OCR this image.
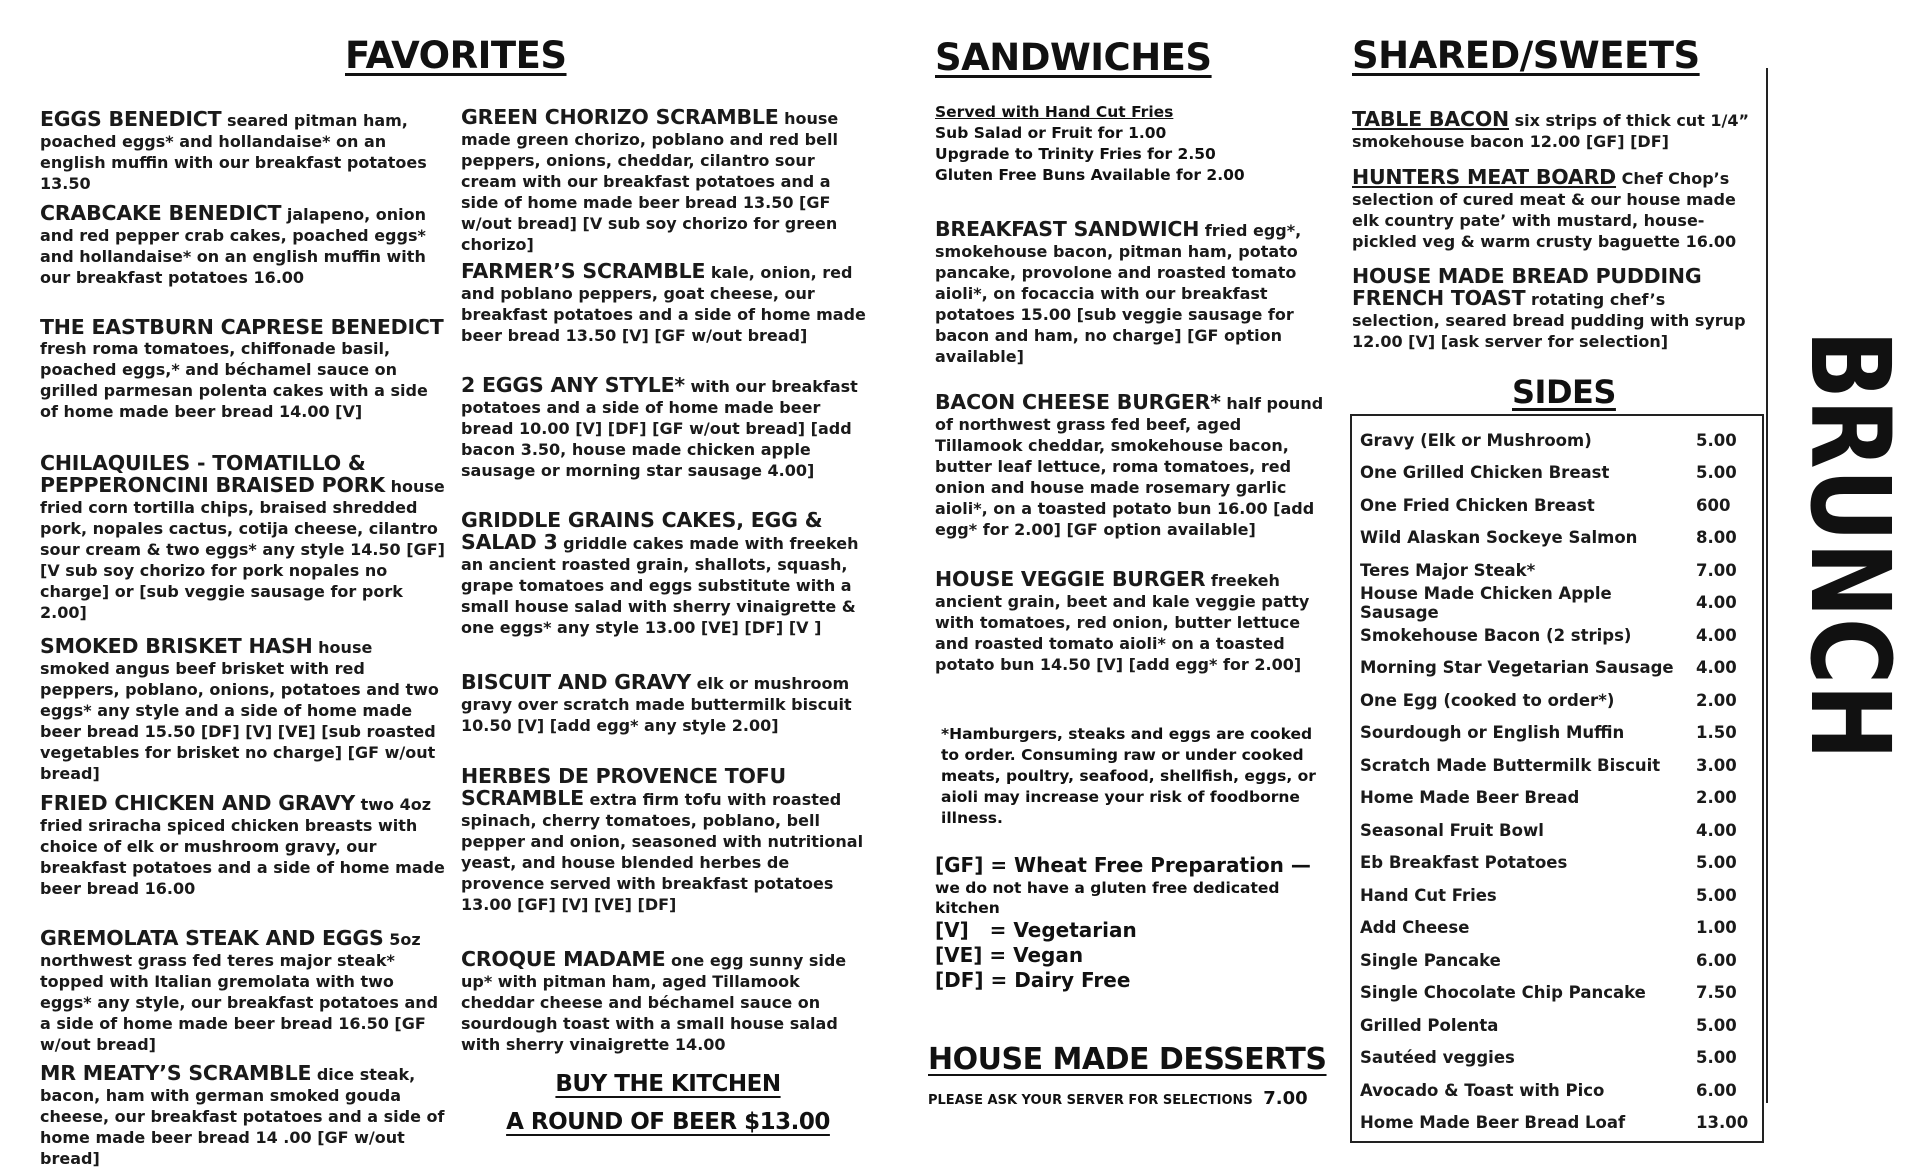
FAVORITES
EGGS BENEDICT seared pitman ham, poached eggs* and hollandaise* on an english muffin with our breakfast potatoes 13.50
CRABCAKE BENEDICT jalapeno, onion and red pepper crab cakes, poached eggs* and hollandaise* on an english muffin with our breakfast potatoes 16.00
THE EASTBURN CAPRESE BENEDICT
fresh roma tomatoes, chiffonade basil, poached eggs,* and béchamel sauce on grilled parmesan polenta cakes with a side of home made beer bread 14.00 [V]
CHILAQUILES - TOMATILLO & PEPPERONCINI BRAISED PORK house fried corn tortilla chips, braised shredded pork, nopales cactus, cotija cheese, cilantro sour cream & two eggs* any style 14.50 [GF] [V sub soy chorizo for pork nopales no charge] or [sub veggie sausage for pork 2.00]
SMOKED BRISKET HASH house smoked angus beef brisket with red peppers, poblano, onions, potatoes and two eggs* any style and a side of home made beer bread 15.50 [DF] [V] [VE] [sub roasted vegetables for brisket no charge] [GF w/out bread]
FRIED CHICKEN AND GRAVY two 4oz fried sriracha spiced chicken breasts with choice of elk or mushroom gravy, our breakfast potatoes and a side of home made beer bread 16.00
GREMOLATA STEAK AND EGGS 5oz northwest grass fed teres major steak* topped with Italian gremolata with two eggs* any style, our breakfast potatoes and a side of home made beer bread 16.50 [GF w/out bread]
MR MEATY’S SCRAMBLE dice steak, bacon, ham with german smoked gouda cheese, our breakfast potatoes and a side of home made beer bread 14 .00 [GF w/out bread]
GREEN CHORIZO SCRAMBLE house made green chorizo, poblano and red bell peppers, onions, cheddar, cilantro sour cream with our breakfast potatoes and a side of home made beer bread 13.50 [GF w/out bread] [V sub soy chorizo for green chorizo]
FARMER’S SCRAMBLE kale, onion, red and poblano peppers, goat cheese, our breakfast potatoes and a side of home made beer bread 13.50 [V] [GF w/out bread]
2 EGGS ANY STYLE* with our breakfast potatoes and a side of home made beer bread 10.00 [V] [DF] [GF w/out bread] [add bacon 3.50, house made chicken apple sausage or morning star sausage 4.00]
GRIDDLE GRAINS CAKES, EGG & SALAD 3 griddle cakes made with freekeh an ancient roasted grain, shallots, squash, grape tomatoes and eggs substitute with a small house salad with sherry vinaigrette & one eggs* any style 13.00 [VE] [DF] [V ]
BISCUIT AND GRAVY elk or mushroom gravy over scratch made buttermilk biscuit 10.50 [V] [add egg* any style 2.00]
HERBES DE PROVENCE TOFU SCRAMBLE extra firm tofu with roasted spinach, cherry tomatoes, poblano, bell pepper and onion, seasoned with nutritional yeast, and house blended herbes de provence served with breakfast potatoes 13.00 [GF] [V] [VE] [DF]
CROQUE MADAME one egg sunny side up* with pitman ham, aged Tillamook cheddar cheese and béchamel sauce on sourdough toast with a small house salad with sherry vinaigrette 14.00
BUY THE KITCHEN
A ROUND OF BEER $13.00
SANDWICHES
Served with Hand Cut Fries
Sub Salad or Fruit for 1.00
Upgrade to Trinity Fries for 2.50
Gluten Free Buns Available for 2.00
BREAKFAST SANDWICH fried egg*, smokehouse bacon, pitman ham, potato pancake, provolone and roasted tomato aioli*, on focaccia with our breakfast potatoes 15.00 [sub veggie sausage for bacon and ham, no charge] [GF option available]
BACON CHEESE BURGER* half pound of northwest grass fed beef, aged Tillamook cheddar, smokehouse bacon, butter leaf lettuce, roma tomatoes, red onion and house made rosemary garlic aioli*, on a toasted potato bun 16.00 [add egg* for 2.00] [GF option available]
HOUSE VEGGIE BURGER freekeh ancient grain, beet and kale veggie patty with tomatoes, red onion, butter lettuce and roasted tomato aioli* on a toasted potato bun 14.50 [V] [add egg* for 2.00]
*Hamburgers, steaks and eggs are cooked to order. Consuming raw or under cooked meats, poultry, seafood, shellfish, eggs, or aioli may increase your risk of foodborne illness.
[GF] = Wheat Free Preparation —
we do not have a gluten free dedicated kitchen
[V]   = Vegetarian
[VE] = Vegan
[DF] = Dairy Free
HOUSE MADE DESSERTS
PLEASE ASK YOUR SERVER FOR SELECTIONS 7.00
SHARED/SWEETS
TABLE BACON six strips of thick cut 1/4” smokehouse bacon 12.00 [GF] [DF]
HUNTERS MEAT BOARD Chef Chop’s selection of cured meat & our house made elk country pate’ with mustard, house-pickled veg & warm crusty baguette 16.00
HOUSE MADE BREAD PUDDING FRENCH TOAST rotating chef’s selection, seared bread pudding with syrup 12.00 [V] [ask server for selection]
SIDES
Gravy (Elk or Mushroom)	5.00
One Grilled Chicken Breast	5.00
One Fried Chicken Breast	600
Wild Alaskan Sockeye Salmon	8.00
Teres Major Steak*	7.00
House Made Chicken Apple Sausage	4.00
Smokehouse Bacon (2 strips)	4.00
Morning Star Vegetarian Sausage 4.00
One Egg (cooked to order*)	2.00
Sourdough or English Muffin	1.50
Scratch Made Buttermilk Biscuit 3.00
Home Made Beer Bread	2.00
Seasonal Fruit Bowl	4.00
Eb Breakfast Potatoes	5.00
Hand Cut Fries	5.00
Add Cheese	1.00
Single Pancake	6.00
Single Chocolate Chip Pancake	7.50
Grilled Polenta	5.00
Sautéed veggies	5.00
Avocado & Toast with Pico	6.00
Home Made Beer Bread Loaf	13.00
BRUNCH
